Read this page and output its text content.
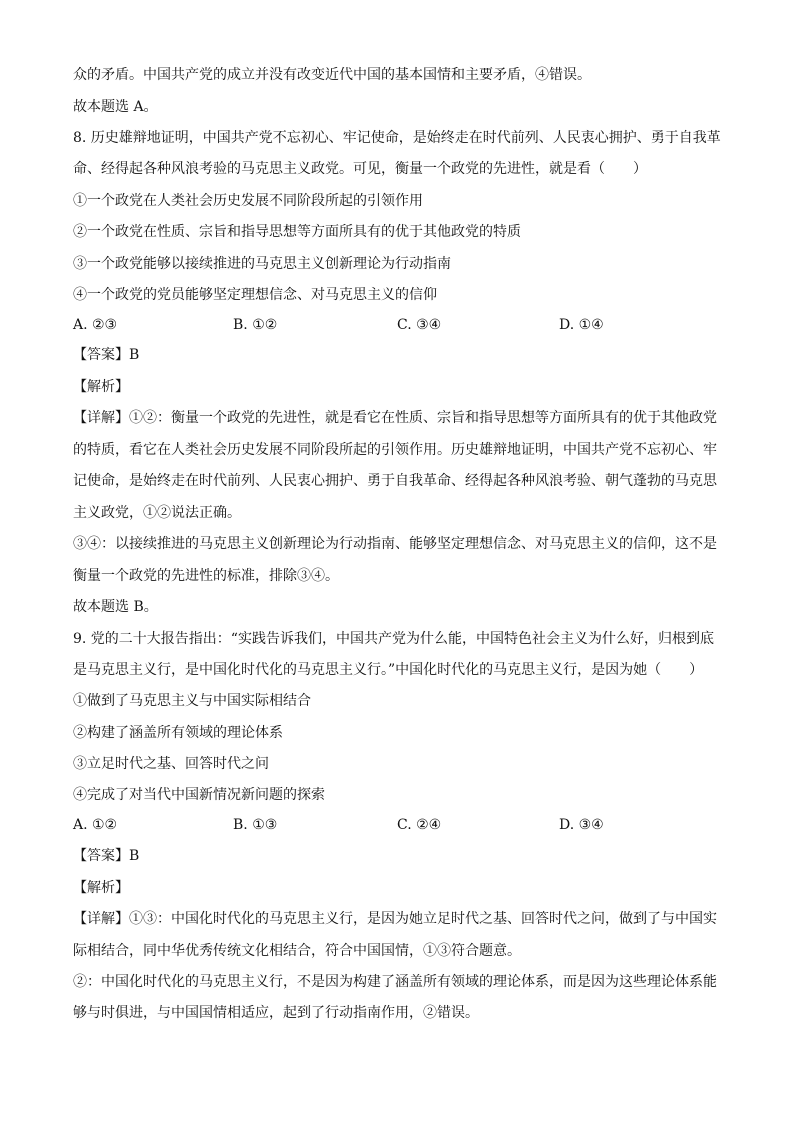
众的矛盾。中国共产党的成立并没有改变近代中国的基本国情和主要矛盾，④错误。
故本题选 A。
8. 历史雄辩地证明，中国共产党不忘初心、牢记使命，是始终走在时代前列、人民衷心拥护、勇于自我革
命、经得起各种风浪考验的马克思主义政党。可见，衡量一个政党的先进性，就是看（　　）
①一个政党在人类社会历史发展不同阶段所起的引领作用
②一个政党在性质、宗旨和指导思想等方面所具有的优于其他政党的特质
③一个政党能够以接续推进的马克思主义创新理论为行动指南
④一个政党的党员能够坚定理想信念、对马克思主义的信仰
A. ②③	B. ①②	C. ③④	D. ①④
【答案】B
【解析】
【详解】①②：衡量一个政党的先进性，就是看它在性质、宗旨和指导思想等方面所具有的优于其他政党
的特质，看它在人类社会历史发展不同阶段所起的引领作用。历史雄辩地证明，中国共产党不忘初心、牢
记使命，是始终走在时代前列、人民衷心拥护、勇于自我革命、经得起各种风浪考验、朝气蓬勃的马克思
主义政党，①②说法正确。
③④：以接续推进的马克思主义创新理论为行动指南、能够坚定理想信念、对马克思主义的信仰，这不是
衡量一个政党的先进性的标准，排除③④。
故本题选 B。
9. 党的二十大报告指出：“实践告诉我们，中国共产党为什么能，中国特色社会主义为什么好，归根到底
是马克思主义行，是中国化时代化的马克思主义行。”中国化时代化的马克思主义行，是因为她（　　）
①做到了马克思主义与中国实际相结合
②构建了涵盖所有领域的理论体系
③立足时代之基、回答时代之问
④完成了对当代中国新情况新问题的探索
A. ①②	B. ①③	C. ②④	D. ③④
【答案】B
【解析】
【详解】①③：中国化时代化的马克思主义行，是因为她立足时代之基、回答时代之问，做到了与中国实
际相结合，同中华优秀传统文化相结合，符合中国国情，①③符合题意。
②：中国化时代化的马克思主义行，不是因为构建了涵盖所有领域的理论体系，而是因为这些理论体系能
够与时俱进，与中国国情相适应，起到了行动指南作用，②错误。
